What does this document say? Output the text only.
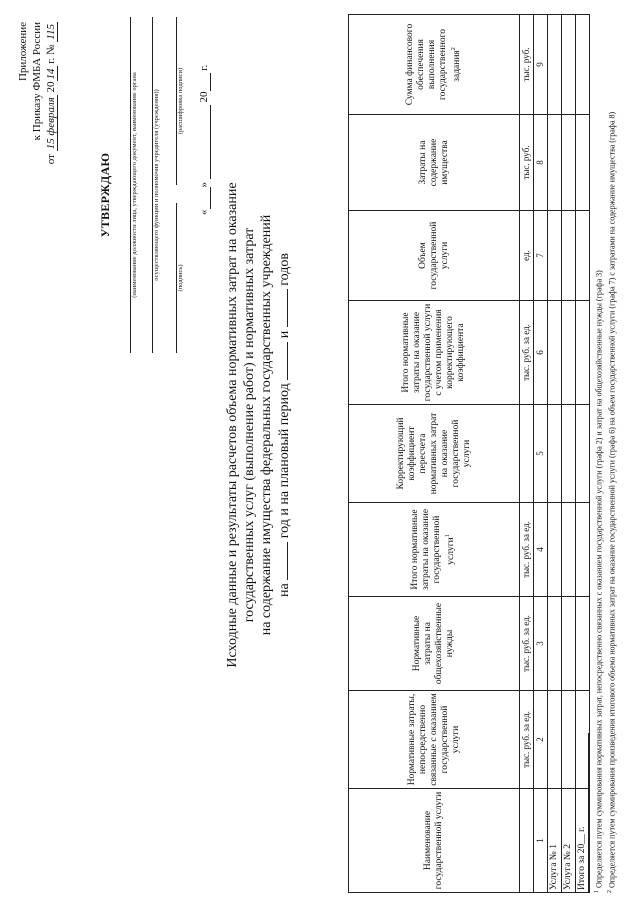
Приложение к Приказу ФМБА России
от 15 февраля 2014 г. № 115
УТВЕРЖДАЮ	(наименование должности лица, утверждающего документ, наименование органа осуществляющего функции и полномочия учредителя (учреждения))	(подпись)
(расшифровка подписи)
« »   20  г.
Исходные данные и результаты расчетов объема нормативных затрат на оказание государственных услуг (выполнение работ) и нормативных затрат на содержание имущества федеральных государственных учреждений на  год и на плановый период  и  годов
Наименование государственной услуги	Нормативные затраты, непосредственно связанные с оказанием государственной услуги	Нормативные затраты на общехозяйственные нужды	Итого нормативные затраты на оказание государственной услуги$^1$	Корректирующий коэффициент пересчета нормативных затрат на оказание государственной услуги	Итого нормативные затраты на оказание государственной услуги с учетом применения корректирующего коэффициента	Объем государственной услуги	Затраты на содержание имущества	Сумма финансового обеспечения выполнения государственного задания$^2$
	тыс. руб. за ед.	тыс. руб. за ед.	тыс. руб. за ед.		тыс. руб. за ед.	ед.	тыс. руб.	тыс. руб.
1	2	3	4	5	6	7	8	9
Услуга № 1								
Услуга № 2								
Итого за 20__ г.								

$^1$ Определяется путем суммирования нормативных затрат, непосредственно связанных с оказанием государственной услуги (графа 2) и затрат на общехозяйственные нужды (графа 3)

$^2$ Определяется путем суммирования произведения итогового объема нормативных затрат на оказание государственной услуги (графа 6) на объем государственной услуги (графа 7) с затратами на содержание имущества (графа 8)
